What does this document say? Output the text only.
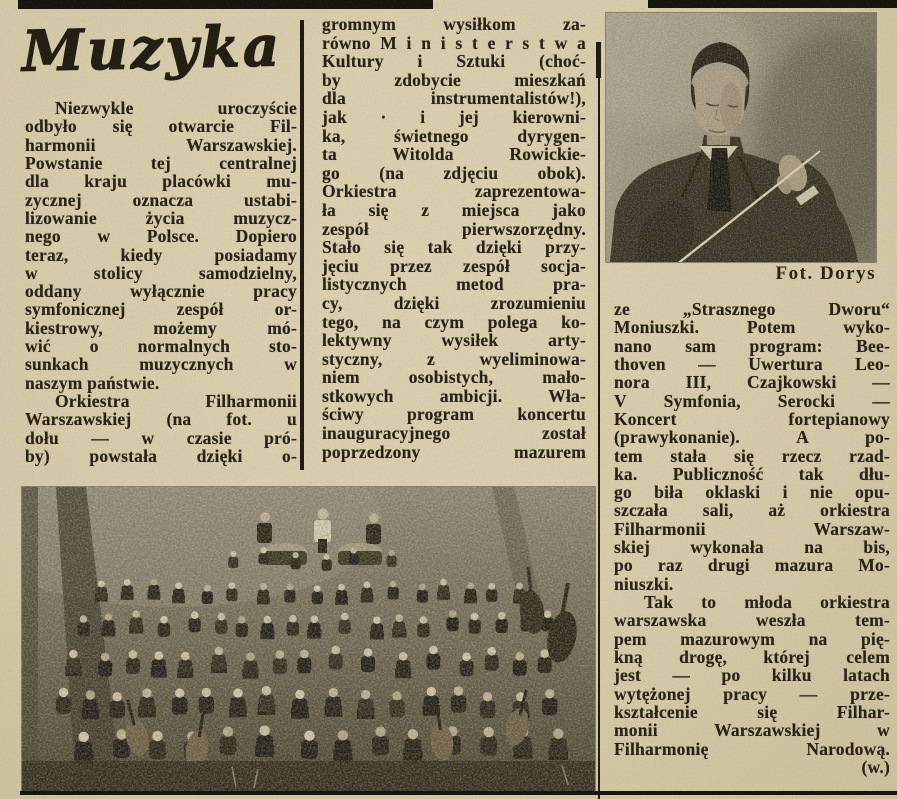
Muzyka
Niezwykle uroczyście
odbyło się otwarcie Fil-
harmonii Warszawskiej.
Powstanie tej centralnej
dla kraju placówki mu-
zycznej oznacza ustabi-
lizowanie życia muzycz-
nego w Polsce. Dopiero
teraz, kiedy posiadamy
w stolicy samodzielny,
oddany wyłącznie pracy
symfonicznej zespół or-
kiestrowy, możemy mó-
wić o normalnych sto-
sunkach muzycznych w
naszym państwie.
Orkiestra Filharmonii
Warszawskiej (na fot. u
dołu — w czasie pró-
by) powstała dzięki o-
gromnym wysiłkom za-
równo M i n i s t e r s t w a
Kultury i Sztuki (choć-
by zdobycie mieszkań
dla instrumentalistów!),
jak · i jej kierowni-
ka, świetnego dyrygen-
ta Witolda Rowickie-
go (na zdjęciu obok).
Orkiestra zaprezentowa-
ła się z miejsca jako
zespół pierwszorzędny.
Stało się tak dzięki przy-
jęciu przez zespół socja-
listycznych metod pra-
cy, dzięki zrozumieniu
tego, na czym polega ko-
lektywny wysiłek arty-
styczny, z wyeliminowa-
niem osobistych, mało-
stkowych ambicji. Wła-
ściwy program koncertu
inauguracyjnego został
poprzedzony mazurem
Fot. Dorys
ze „Strasznego Dworu“
Moniuszki. Potem wyko-
nano sam program: Bee-
thoven — Uwertura Leo-
nora III, Czajkowski —
V Symfonia, Serocki —
Koncert fortepianowy
(prawykonanie). A po-
tem stała się rzecz rzad-
ka. Publiczność tak dłu-
go biła oklaski i nie opu-
szczała sali, aż orkiestra
Filharmonii Warszaw-
skiej wykonała na bis,
po raz drugi mazura Mo-
niuszki.
Tak to młoda orkiestra
warszawska weszła tem-
pem mazurowym na pię-
kną drogę, której celem
jest — po kilku latach
wytężonej pracy — prze-
kształcenie się Filhar-
monii Warszawskiej w
Filharmonię Narodową.
(w.)
